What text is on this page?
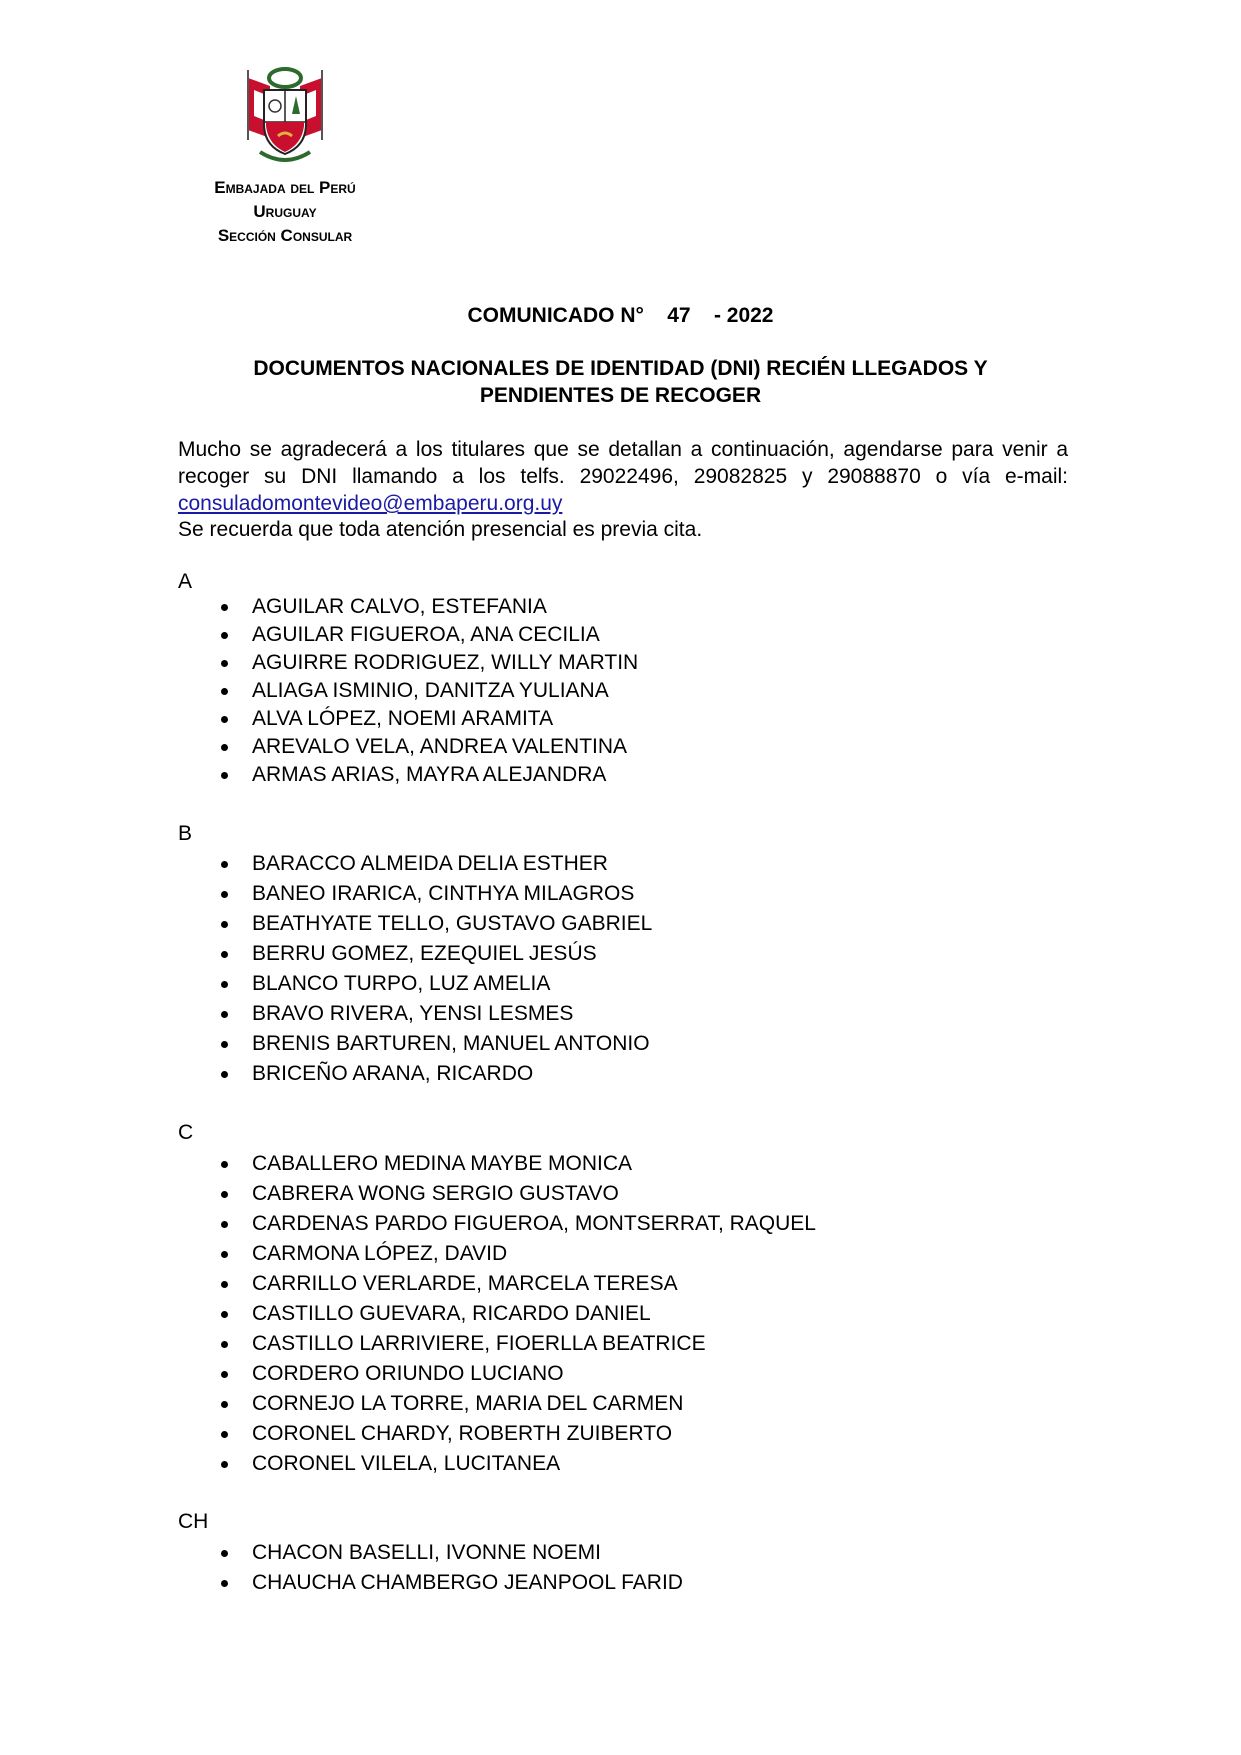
Embajada del Perú
Uruguay
Sección Consular
COMUNICADO N°    47    - 2022
DOCUMENTOS NACIONALES DE IDENTIDAD (DNI) RECIÉN LLEGADOS Y
PENDIENTES DE RECOGER
Mucho se agradecerá a los titulares que se detallan a continuación, agendarse para venir a recoger su DNI llamando a los telfs. 29022496, 29082825 y 29088870 o vía e-mail: consuladomontevideo@embaperu.org.uy
Se recuerda que toda atención presencial es previa cita.
A
AGUILAR CALVO, ESTEFANIA
AGUILAR FIGUEROA, ANA CECILIA
AGUIRRE RODRIGUEZ, WILLY MARTIN
ALIAGA ISMINIO, DANITZA YULIANA
ALVA LÓPEZ, NOEMI ARAMITA
AREVALO VELA, ANDREA VALENTINA
ARMAS ARIAS, MAYRA ALEJANDRA
B
BARACCO ALMEIDA DELIA ESTHER
BANEO IRARICA, CINTHYA MILAGROS
BEATHYATE TELLO, GUSTAVO GABRIEL
BERRU GOMEZ, EZEQUIEL JESÚS
BLANCO TURPO, LUZ AMELIA
BRAVO RIVERA, YENSI LESMES
BRENIS BARTUREN, MANUEL ANTONIO
BRICEÑO ARANA, RICARDO
C
CABALLERO MEDINA MAYBE MONICA
CABRERA WONG SERGIO GUSTAVO
CARDENAS PARDO FIGUEROA, MONTSERRAT, RAQUEL
CARMONA LÓPEZ, DAVID
CARRILLO VERLARDE, MARCELA TERESA
CASTILLO GUEVARA, RICARDO DANIEL
CASTILLO LARRIVIERE, FIOERLLA BEATRICE
CORDERO ORIUNDO LUCIANO
CORNEJO LA TORRE, MARIA DEL CARMEN
CORONEL CHARDY, ROBERTH ZUIBERTO
CORONEL VILELA, LUCITANEA
CH
CHACON BASELLI, IVONNE NOEMI
CHAUCHA CHAMBERGO JEANPOOL FARID
